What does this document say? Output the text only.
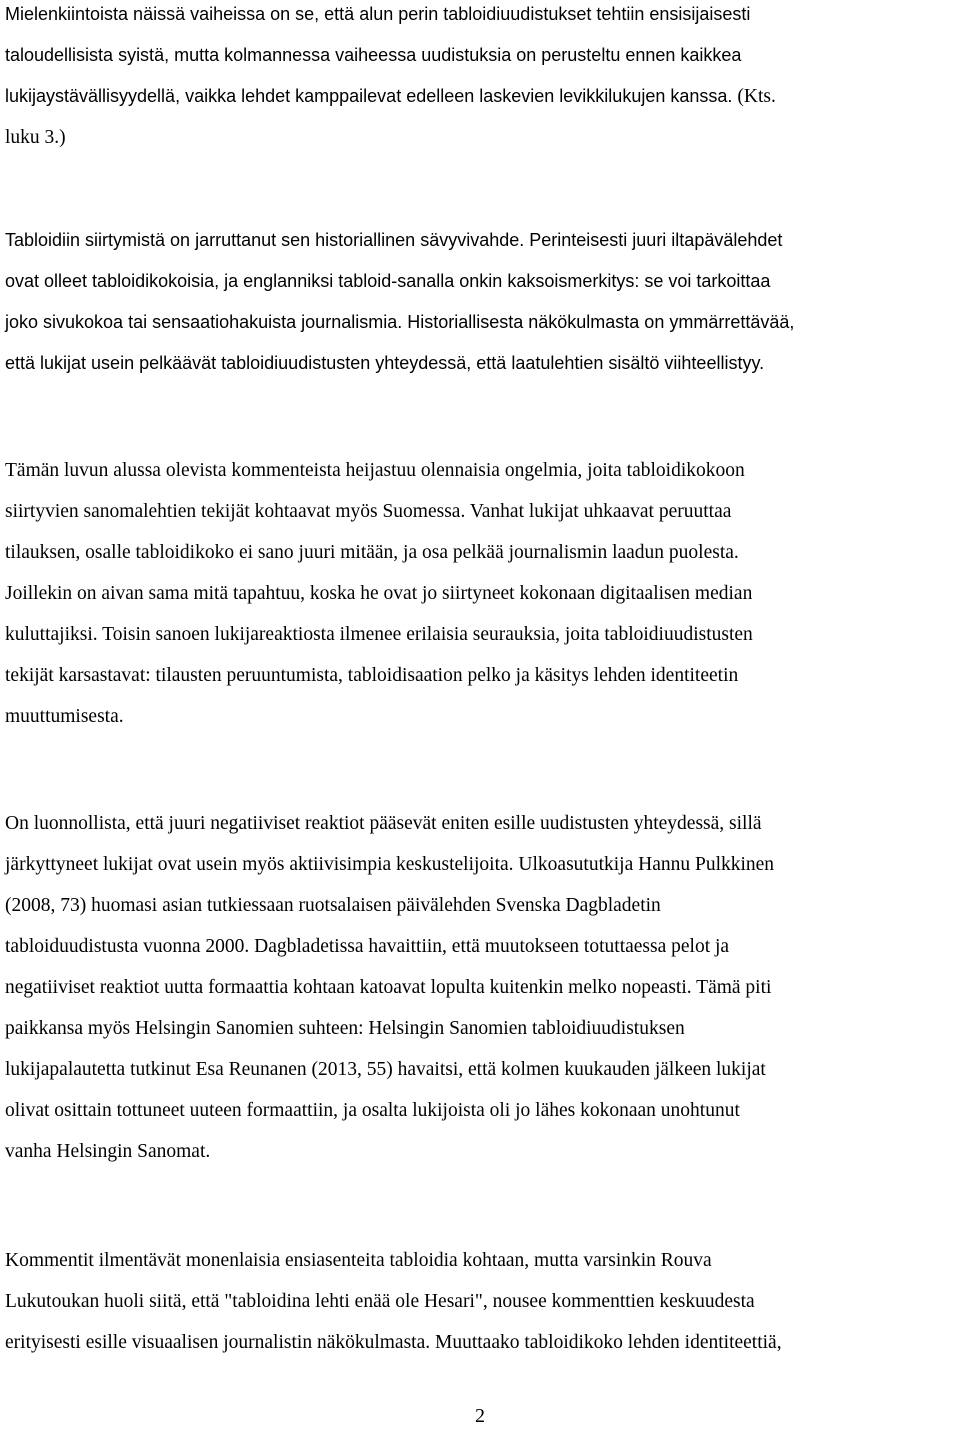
Mielenkiintoista näissä vaiheissa on se, että alun perin tabloidiuudistukset tehtiin ensisijaisesti
taloudellisista syistä, mutta kolmannessa vaiheessa uudistuksia on perusteltu ennen kaikkea
lukijaystävällisyydellä, vaikka lehdet kamppailevat edelleen laskevien levikkilukujen kanssa. (Kts.
luku 3.)
Tabloidiin siirtymistä on jarruttanut sen historiallinen sävyvivahde. Perinteisesti juuri iltapävälehdet
ovat olleet tabloidikokoisia, ja englanniksi tabloid-sanalla onkin kaksoismerkitys: se voi tarkoittaa
joko sivukokoa tai sensaatiohakuista journalismia. Historiallisesta näkökulmasta on ymmärrettävää,
että lukijat usein pelkäävät tabloidiuudistusten yhteydessä, että laatulehtien sisältö viihteellistyy.
Tämän luvun alussa olevista kommenteista heijastuu olennaisia ongelmia, joita tabloidikokoon
siirtyvien sanomalehtien tekijät kohtaavat myös Suomessa. Vanhat lukijat uhkaavat peruuttaa
tilauksen, osalle tabloidikoko ei sano juuri mitään, ja osa pelkää journalismin laadun puolesta.
Joillekin on aivan sama mitä tapahtuu, koska he ovat jo siirtyneet kokonaan digitaalisen median
kuluttajiksi. Toisin sanoen lukijareaktiosta ilmenee erilaisia seurauksia, joita tabloidiuudistusten
tekijät karsastavat: tilausten peruuntumista, tabloidisaation pelko ja käsitys lehden identiteetin
muuttumisesta.
On luonnollista, että juuri negatiiviset reaktiot pääsevät eniten esille uudistusten yhteydessä, sillä
järkyttyneet lukijat ovat usein myös aktiivisimpia keskustelijoita. Ulkoasututkija Hannu Pulkkinen
(2008, 73) huomasi asian tutkiessaan ruotsalaisen päivälehden Svenska Dagbladetin
tabloiduudistusta vuonna 2000. Dagbladetissa havaittiin, että muutokseen totuttaessa pelot ja
negatiiviset reaktiot uutta formaattia kohtaan katoavat lopulta kuitenkin melko nopeasti. Tämä piti
paikkansa myös Helsingin Sanomien suhteen: Helsingin Sanomien tabloidiuudistuksen
lukijapalautetta tutkinut Esa Reunanen (2013, 55) havaitsi, että kolmen kuukauden jälkeen lukijat
olivat osittain tottuneet uuteen formaattiin, ja osalta lukijoista oli jo lähes kokonaan unohtunut
vanha Helsingin Sanomat.
Kommentit ilmentävät monenlaisia ensiasenteita tabloidia kohtaan, mutta varsinkin Rouva
Lukutoukan huoli siitä, että "tabloidina lehti enää ole Hesari", nousee kommenttien keskuudesta
erityisesti esille visuaalisen journalistin näkökulmasta. Muuttaako tabloidikoko lehden identiteettiä,
2
